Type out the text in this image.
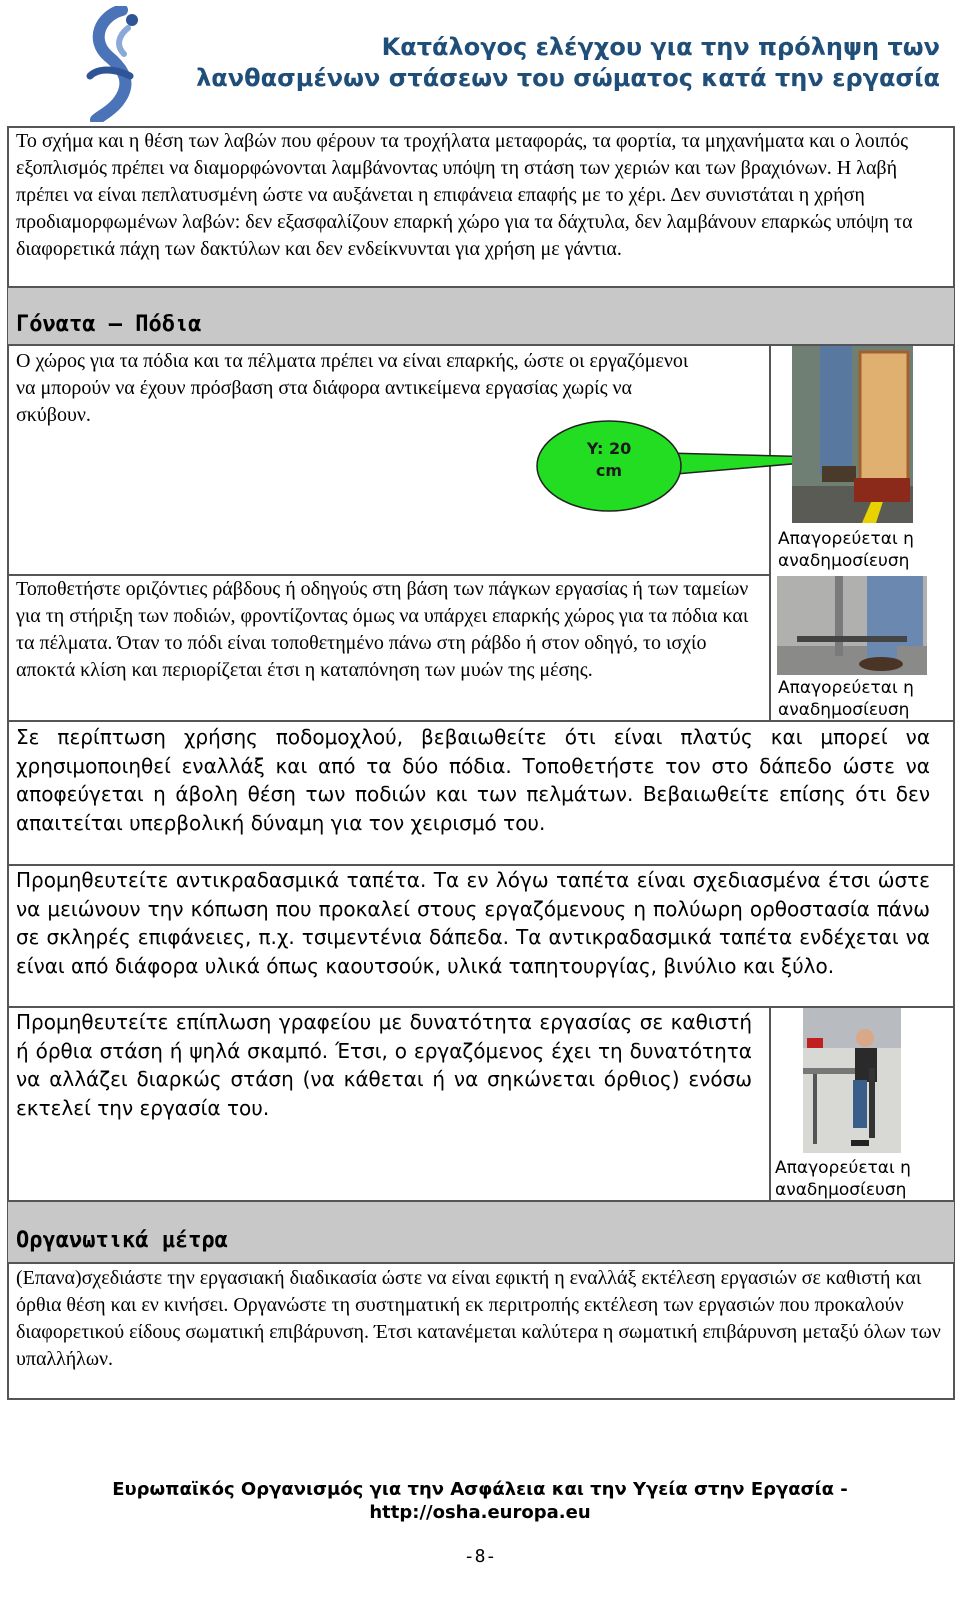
Κατάλογος ελέγχου για την πρόληψη των
λανθασμένων στάσεων του σώματος κατά την εργασία
Το σχήμα και η θέση των λαβών που φέρουν τα τροχήλατα μεταφοράς, τα φορτία, τα μηχανήματα και ο λοιπός εξοπλισμός πρέπει να διαμορφώνονται λαμβάνοντας υπόψη τη στάση των χεριών και των βραχιόνων. Η λαβή πρέπει να είναι πεπλατυσμένη ώστε να αυξάνεται η επιφάνεια επαφής με το χέρι. Δεν συνιστάται η χρήση προδιαμορφωμένων λαβών: δεν εξασφαλίζουν επαρκή χώρο για τα δάχτυλα, δεν λαμβάνουν επαρκώς υπόψη τα διαφορετικά πάχη των δακτύλων και δεν ενδείκνυνται για χρήση με γάντια.
Γόνατα — Πόδια
Ο χώρος για τα πόδια και τα πέλματα πρέπει να είναι επαρκής, ώστε οι εργαζόμενοι να μπορούν να έχουν πρόσβαση στα διάφορα αντικείμενα εργασίας χωρίς να σκύβουν.
Y: 20
cm
Απαγορεύεται η αναδημοσίευση
Τοποθετήστε οριζόντιες ράβδους ή οδηγούς στη βάση των πάγκων εργασίας ή των ταμείων για τη στήριξη των ποδιών, φροντίζοντας όμως να υπάρχει επαρκής χώρος για τα πόδια και τα πέλματα. Όταν το πόδι είναι τοποθετημένο πάνω στη ράβδο ή στον οδηγό, το ισχίο αποκτά κλίση και περιορίζεται έτσι η καταπόνηση των μυών της μέσης.
Απαγορεύεται η αναδημοσίευση
Σε περίπτωση χρήσης ποδομοχλού, βεβαιωθείτε ότι είναι πλατύς και μπορεί να χρησιμοποιηθεί εναλλάξ και από τα δύο πόδια. Τοποθετήστε τον στο δάπεδο ώστε να αποφεύγεται η άβολη θέση των ποδιών και των πελμάτων. Βεβαιωθείτε επίσης ότι δεν απαιτείται υπερβολική δύναμη για τον χειρισμό του.
Προμηθευτείτε αντικραδασμικά ταπέτα. Τα εν λόγω ταπέτα είναι σχεδιασμένα έτσι ώστε να μειώνουν την κόπωση που προκαλεί στους εργαζόμενους η πολύωρη ορθοστασία πάνω σε σκληρές επιφάνειες, π.χ. τσιμεντένια δάπεδα. Τα αντικραδασμικά ταπέτα ενδέχεται να είναι από διάφορα υλικά όπως καουτσούκ, υλικά ταπητουργίας, βινύλιο και ξύλο.
Προμηθευτείτε επίπλωση γραφείου με δυνατότητα εργασίας σε καθιστή ή όρθια στάση ή ψηλά σκαμπό. Έτσι, ο εργαζόμενος έχει τη δυνατότητα να αλλάζει διαρκώς στάση (να κάθεται ή να σηκώνεται όρθιος) ενόσω εκτελεί την εργασία του.
Απαγορεύεται η αναδημοσίευση
Οργανωτικά μέτρα
(Επανα)σχεδιάστε την εργασιακή διαδικασία ώστε να είναι εφικτή η εναλλάξ εκτέλεση εργασιών σε καθιστή και όρθια θέση και εν κινήσει. Οργανώστε τη συστηματική εκ περιτροπής εκτέλεση των εργασιών που προκαλούν διαφορετικού είδους σωματική επιβάρυνση. Έτσι κατανέμεται καλύτερα η σωματική επιβάρυνση μεταξύ όλων των υπαλλήλων.
Ευρωπαϊκός Οργανισμός για την Ασφάλεια και την Υγεία στην Εργασία -
http://osha.europa.eu
-8-
